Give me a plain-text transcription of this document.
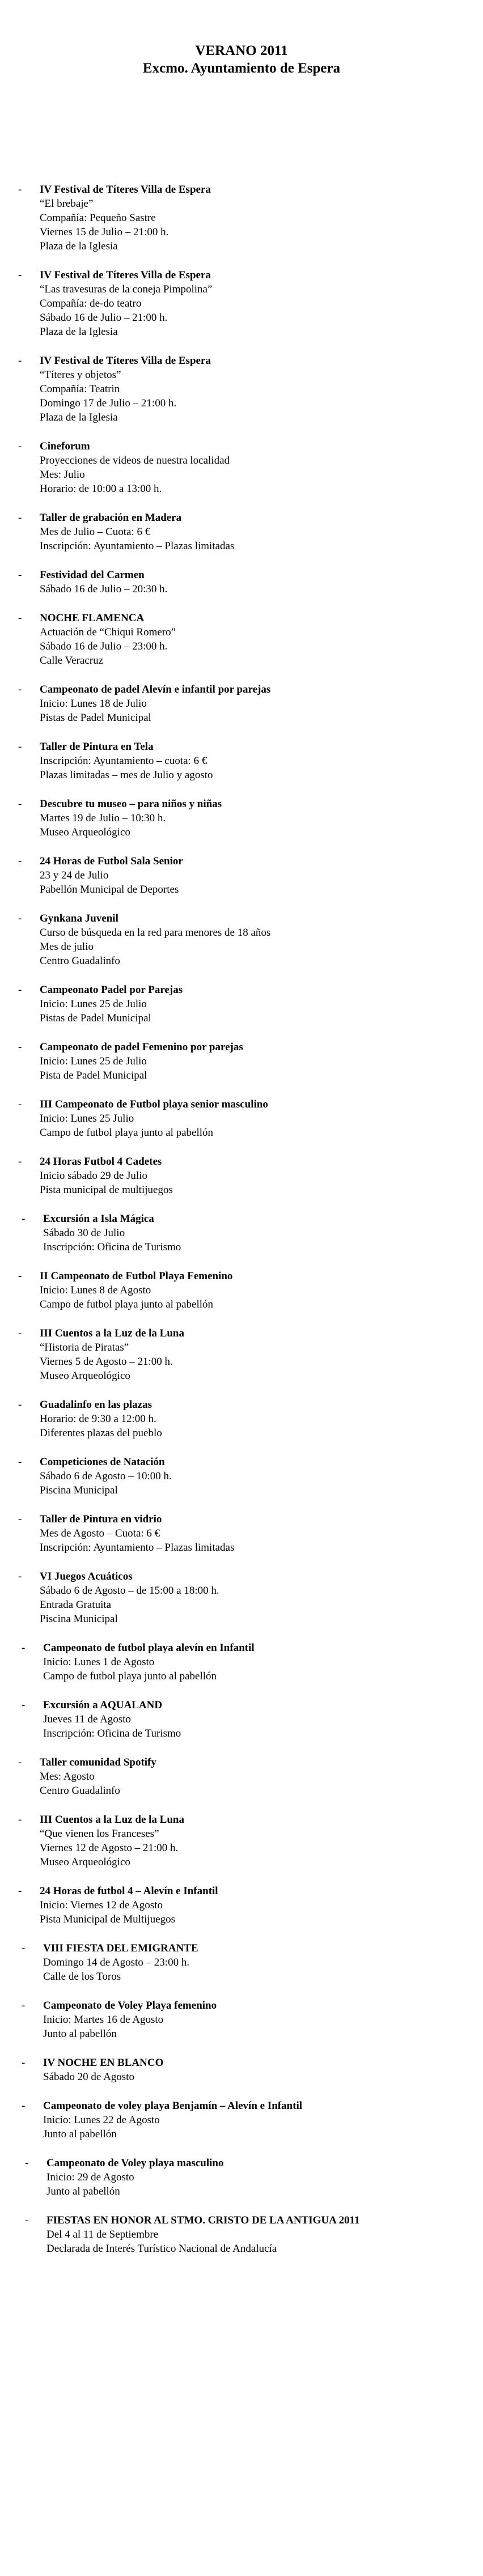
VERANO 2011

Excmo. Ayuntamiento de Espera

- IV Festival de Títeres Villa de Espera

“El brebaje”

Compañía: Pequeño Sastre

Viernes 15 de Julio – 21:00 h.

Plaza de la Iglesia

- IV Festival de Títeres Villa de Espera

“Las travesuras de la coneja Pimpolina”

Compañía: de-do teatro

Sábado 16 de Julio – 21:00 h.

Plaza de la Iglesia

- IV Festival de Títeres Villa de Espera

“Títeres y objetos”

Compañía: Teatrin

Domingo 17 de Julio – 21:00 h.

Plaza de la Iglesia

- Cineforum

Proyecciones de videos de nuestra localidad

Mes: Julio

Horario: de 10:00 a 13:00 h.

- Taller de grabación en Madera

Mes de Julio – Cuota: 6 €

Inscripción: Ayuntamiento – Plazas limitadas

- Festividad del Carmen

Sábado 16 de Julio – 20:30 h.

- NOCHE FLAMENCA

Actuación de “Chiqui Romero”

Sábado 16 de Julio – 23:00 h.

Calle Veracruz

- Campeonato de padel Alevín e infantil por parejas

Inicio: Lunes 18 de Julio

Pistas de Padel Municipal

- Taller de Pintura en Tela

Inscripción: Ayuntamiento – cuota: 6 €

Plazas limitadas – mes de Julio y agosto

- Descubre tu museo – para niños y niñas

Martes 19 de Julio – 10:30 h.

Museo Arqueológico

- 24 Horas de Futbol Sala Senior

23 y 24 de Julio

Pabellón Municipal de Deportes

- Gynkana Juvenil

Curso de búsqueda en la red para menores de 18 años

Mes de julio

Centro Guadalinfo

- Campeonato Padel por Parejas

Inicio: Lunes 25 de Julio

Pistas de Padel Municipal

- Campeonato de padel Femenino por parejas

Inicio: Lunes 25 de Julio

Pista de Padel Municipal

- III Campeonato de Futbol playa senior masculino

Inicio: Lunes 25 Julio

Campo de futbol playa junto al pabellón

- 24 Horas Futbol 4 Cadetes

Inicio sábado 29 de Julio

Pista municipal de multijuegos

- Excursión a Isla Mágica

Sábado 30 de Julio

Inscripción: Oficina de Turismo

- II Campeonato de Futbol Playa Femenino

Inicio: Lunes 8 de Agosto

Campo de futbol playa junto al pabellón

- III Cuentos a la Luz de la Luna

“Historia de Piratas”

Viernes 5 de Agosto – 21:00 h.

Museo Arqueológico

- Guadalinfo en las plazas

Horario: de 9:30 a 12:00 h.

Diferentes plazas del pueblo

- Competiciones de Natación

Sábado 6 de Agosto – 10:00 h.

Piscina Municipal

- Taller de Pintura en vidrio

Mes de Agosto – Cuota: 6 €

Inscripción: Ayuntamiento – Plazas limitadas

- VI Juegos Acuáticos

Sábado 6 de Agosto – de 15:00 a 18:00 h.

Entrada Gratuita

Piscina Municipal

- Campeonato de futbol playa alevín en Infantil

Inicio: Lunes 1 de Agosto

Campo de futbol playa junto al pabellón

- Excursión a AQUALAND

Jueves 11 de Agosto

Inscripción: Oficina de Turismo

- Taller comunidad Spotify

Mes: Agosto

Centro Guadalinfo

- III Cuentos a la Luz de la Luna

“Que vienen los Franceses”

Viernes 12 de Agosto – 21:00 h.

Museo Arqueológico

- 24 Horas de futbol 4 – Alevín e Infantil

Inicio: Viernes 12 de Agosto

Pista Municipal de Multijuegos

- VIII FIESTA DEL EMIGRANTE

Domingo 14 de Agosto – 23:00 h.

Calle de los Toros

- Campeonato de Voley Playa femenino

Inicio: Martes 16 de Agosto

Junto al pabellón

- IV NOCHE EN BLANCO

Sábado 20 de Agosto

- Campeonato de voley playa Benjamín – Alevín e Infantil

Inicio: Lunes 22 de Agosto

Junto al pabellón

- Campeonato de Voley playa masculino

Inicio: 29 de Agosto

Junto al pabellón

- FIESTAS EN HONOR AL STMO. CRISTO DE LA ANTIGUA 2011

Del 4 al 11 de Septiembre

Declarada de Interés Turístico Nacional de Andalucía
